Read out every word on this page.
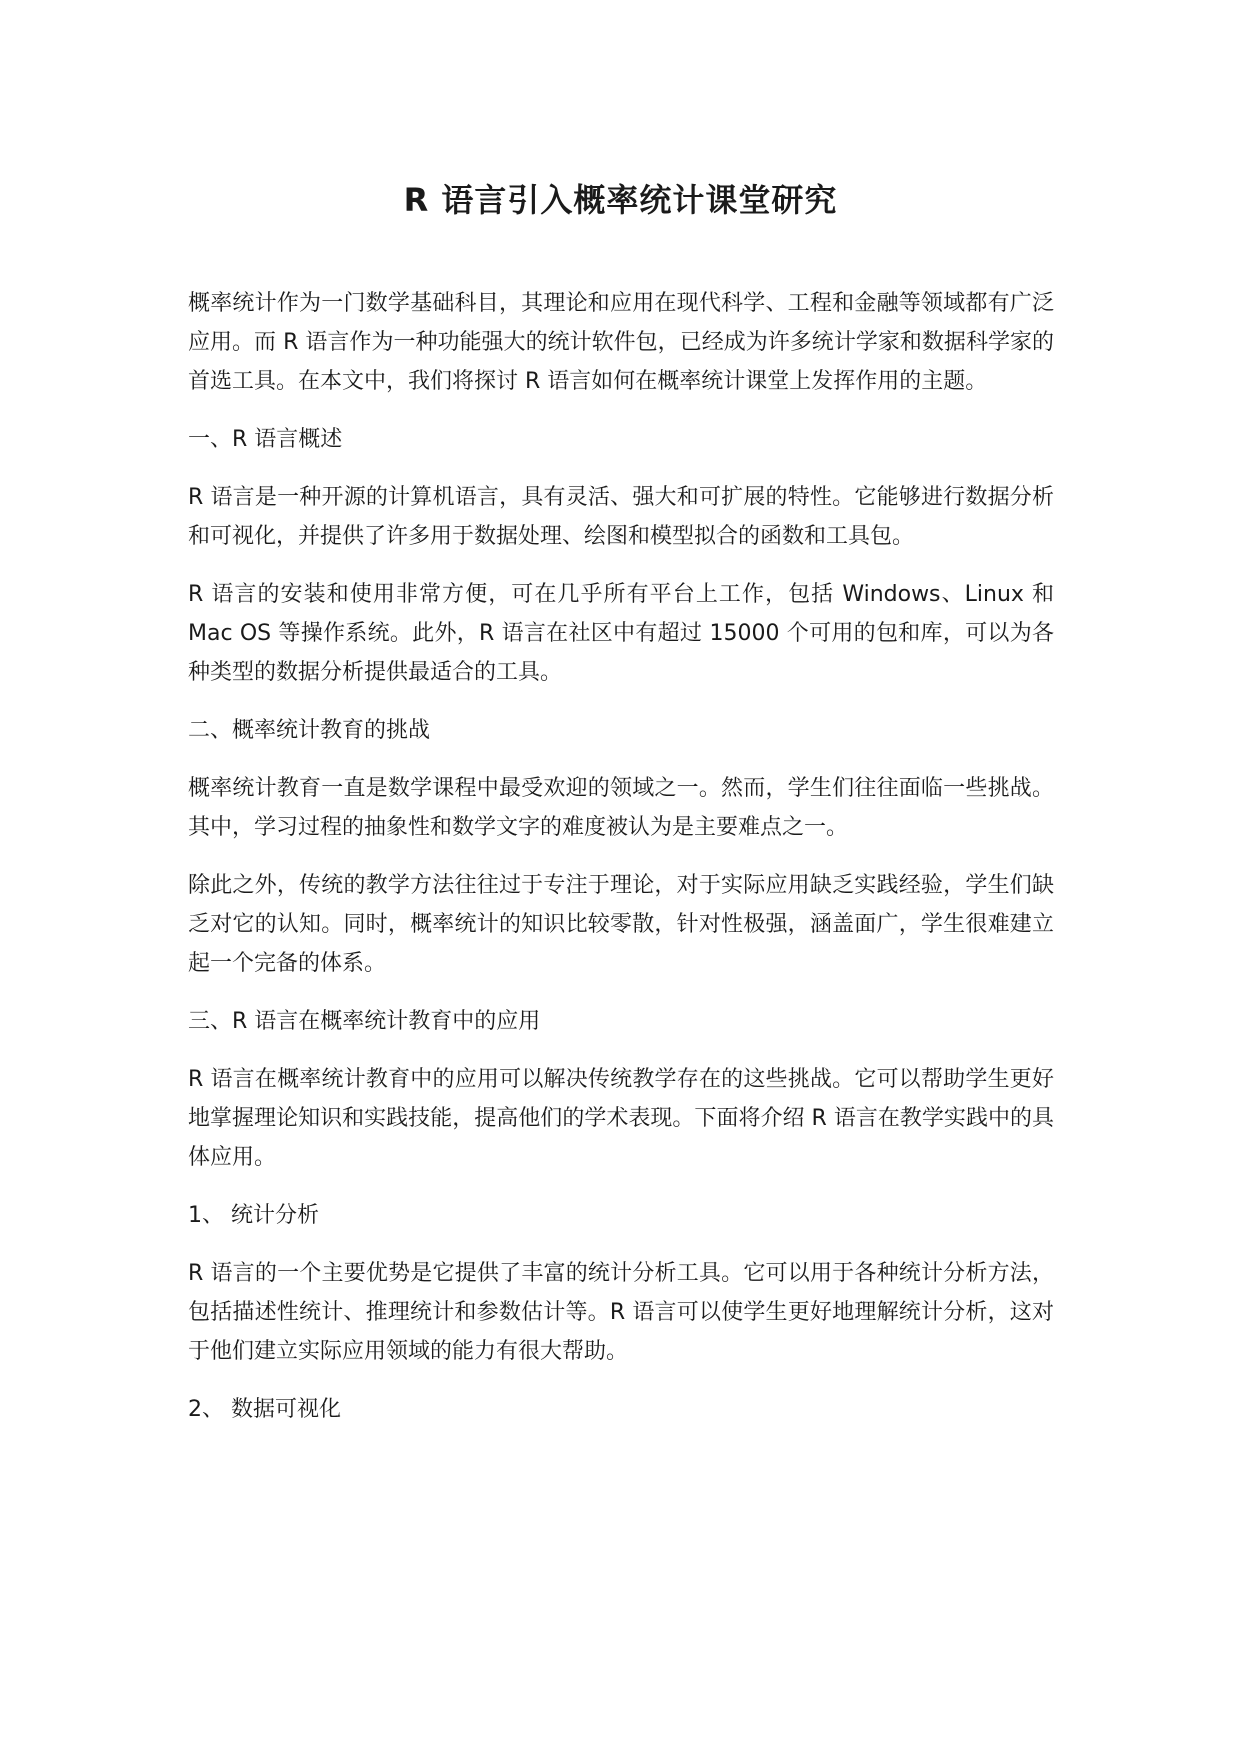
R 语言引入概率统计课堂研究

概率统计作为一门数学基础科目，其理论和应用在现代科学、工程和金融等领域都有广泛应用。而 R 语言作为一种功能强大的统计软件包，已经成为许多统计学家和数据科学家的首选工具。在本文中，我们将探讨 R 语言如何在概率统计课堂上发挥作用的主题。

一、R 语言概述

R 语言是一种开源的计算机语言，具有灵活、强大和可扩展的特性。它能够进行数据分析和可视化，并提供了许多用于数据处理、绘图和模型拟合的函数和工具包。

R 语言的安装和使用非常方便，可在几乎所有平台上工作，包括 Windows、Linux 和 Mac OS 等操作系统。此外，R 语言在社区中有超过 15000 个可用的包和库，可以为各种类型的数据分析提供最适合的工具。

二、概率统计教育的挑战

概率统计教育一直是数学课程中最受欢迎的领域之一。然而，学生们往往面临一些挑战。其中，学习过程的抽象性和数学文字的难度被认为是主要难点之一。

除此之外，传统的教学方法往往过于专注于理论，对于实际应用缺乏实践经验，学生们缺乏对它的认知。同时，概率统计的知识比较零散，针对性极强，涵盖面广，学生很难建立起一个完备的体系。

三、R 语言在概率统计教育中的应用

R 语言在概率统计教育中的应用可以解决传统教学存在的这些挑战。它可以帮助学生更好地掌握理论知识和实践技能，提高他们的学术表现。下面将介绍 R 语言在教学实践中的具体应用。

1、 统计分析

R 语言的一个主要优势是它提供了丰富的统计分析工具。它可以用于各种统计分析方法，包括描述性统计、推理统计和参数估计等。R 语言可以使学生更好地理解统计分析，这对于他们建立实际应用领域的能力有很大帮助。

2、 数据可视化
